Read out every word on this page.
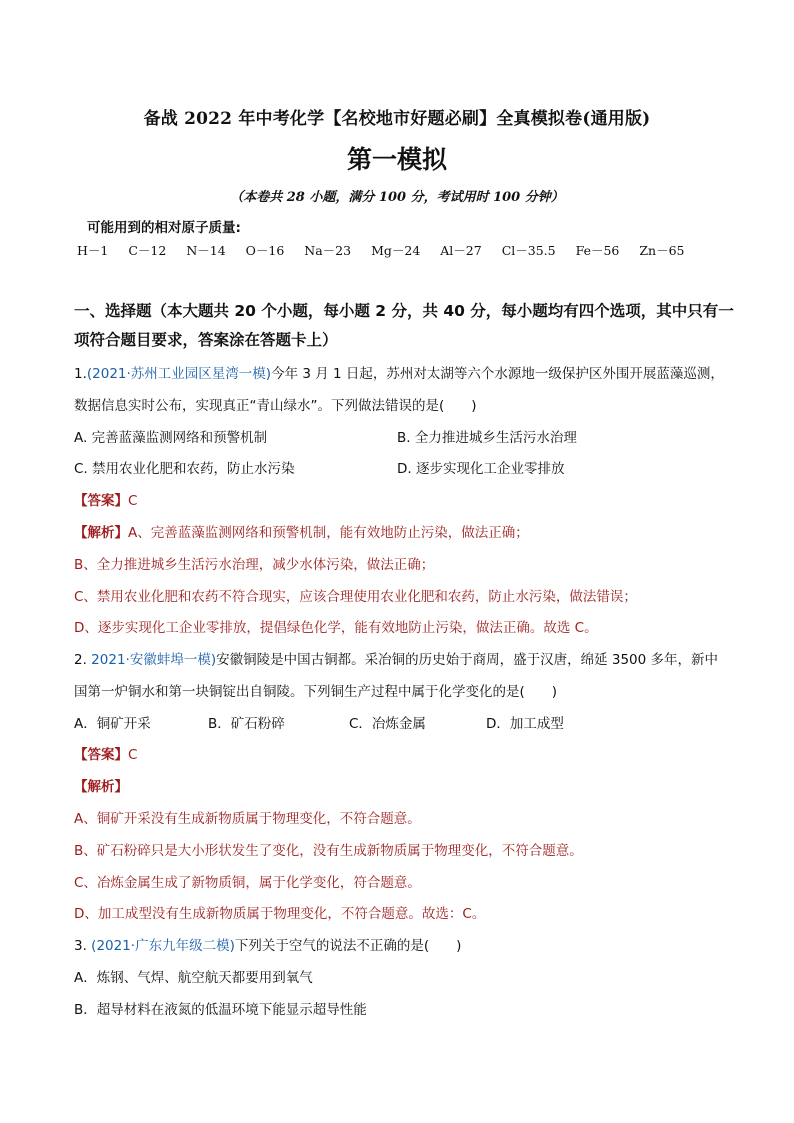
备战 2022 年中考化学【名校地市好题必刷】全真模拟卷(通用版)
第一模拟
（本卷共 28 小题，满分 100 分，考试用时 100 分钟）
可能用到的相对原子质量:
H－1 C－12 N－14 O－16 Na－23 Mg－24 Al－27 Cl－35.5 Fe－56 Zn－65
一、选择题（本大题共 20 个小题，每小题 2 分，共 40 分，每小题均有四个选项，其中只有一项符合题目要求，答案涂在答题卡上）
1.(2021·苏州工业园区星湾一模)今年 3 月 1 日起，苏州对太湖等六个水源地一级保护区外围开展蓝藻巡测，
数据信息实时公布，实现真正“青山绿水”。下列做法错误的是(　　)
A. 完善蓝藻监测网络和预警机制	B. 全力推进城乡生活污水治理
C. 禁用农业化肥和农药，防止水污染	D. 逐步实现化工企业零排放
【答案】C
【解析】A、完善蓝藻监测网络和预警机制，能有效地防止污染，做法正确；
B、全力推进城乡生活污水治理，减少水体污染，做法正确；
C、禁用农业化肥和农药不符合现实，应该合理使用农业化肥和农药，防止水污染，做法错误；
D、逐步实现化工企业零排放，提倡绿色化学，能有效地防止污染，做法正确。故选 C。
2. 2021·安徽蚌埠一模)安徽铜陵是中国古铜都。采冶铜的历史始于商周，盛于汉唐，绵延 3500 多年，新中
国第一炉铜水和第一块铜锭出自铜陵。下列铜生产过程中属于化学变化的是(　　)
A．铜矿开采	B．矿石粉碎	C．冶炼金属	D．加工成型
【答案】C
【解析】
A、铜矿开采没有生成新物质属于物理变化，不符合题意。
B、矿石粉碎只是大小形状发生了变化，没有生成新物质属于物理变化，不符合题意。
C、冶炼金属生成了新物质铜，属于化学变化，符合题意。
D、加工成型没有生成新物质属于物理变化，不符合题意。故选：C。
3. (2021·广东九年级二模)下列关于空气的说法不正确的是(　　)
A．炼钢、气焊、航空航天都要用到氧气
B．超导材料在液氮的低温环境下能显示超导性能
